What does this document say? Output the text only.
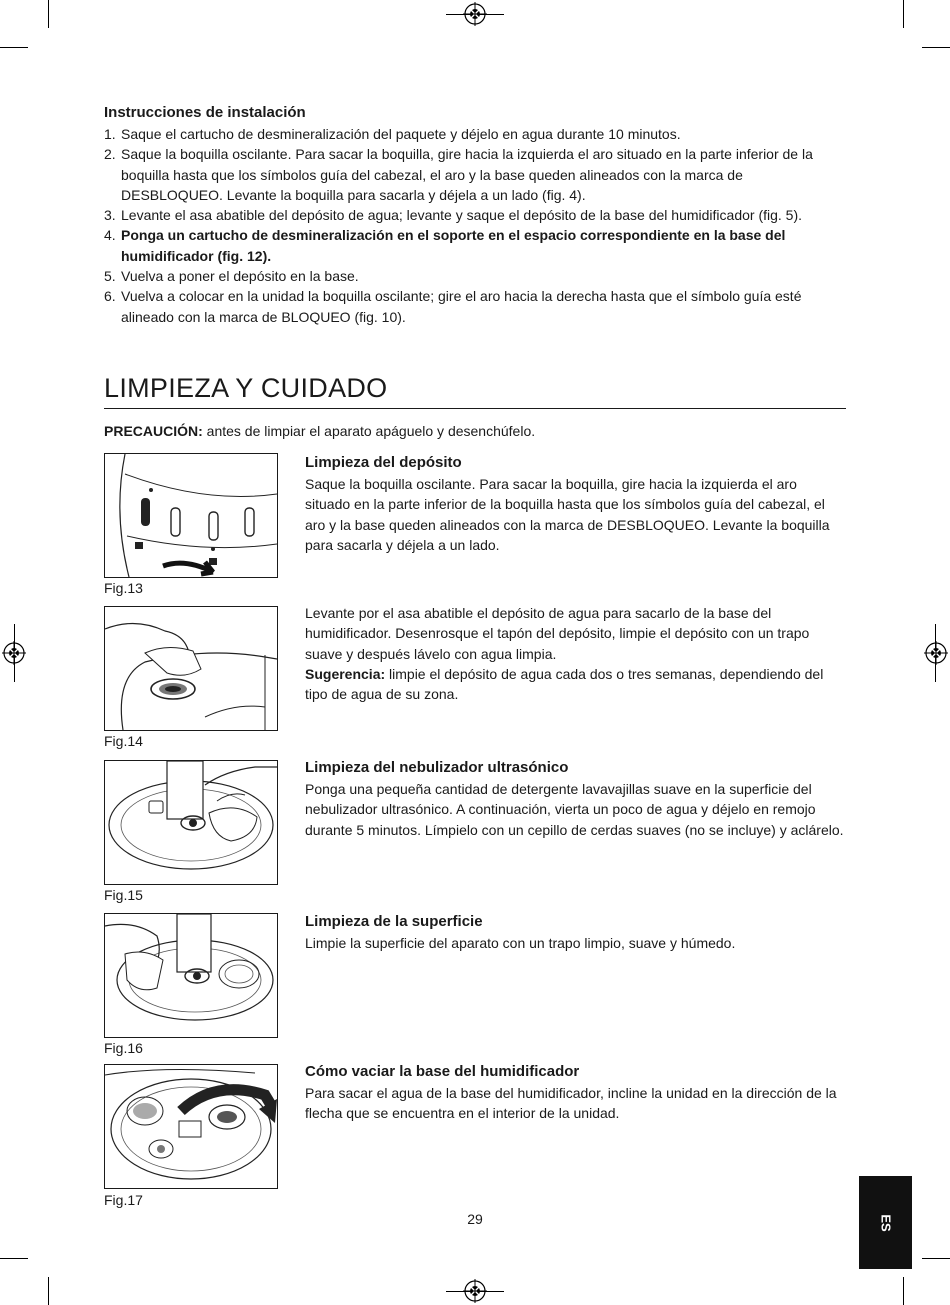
Instrucciones de instalación
1. Saque el cartucho de desmineralización del paquete y déjelo en agua durante 10 minutos.
2. Saque la boquilla oscilante. Para sacar la boquilla, gire hacia la izquierda el aro situado en la parte inferior de la boquilla hasta que los símbolos guía del cabezal, el aro y la base queden alineados con la marca de DESBLOQUEO. Levante la boquilla para sacarla y déjela a un lado (fig. 4).
3. Levante el asa abatible del depósito de agua; levante y saque el depósito de la base del humidificador (fig. 5).
4. Ponga un cartucho de desmineralización en el soporte en el espacio correspondiente en la base del humidificador (fig. 12).
5. Vuelva a poner el depósito en la base.
6. Vuelva a colocar en la unidad la boquilla oscilante; gire el aro hacia la derecha hasta que el símbolo guía esté alineado con la marca de BLOQUEO (fig. 10).
LIMPIEZA Y CUIDADO

PRECAUCIÓN: antes de limpiar el aparato apáguelo y desenchúfelo.

Fig.13
Fig.14
Fig.15
Fig.16
Fig.17
Limpieza del depósito

Saque la boquilla oscilante. Para sacar la boquilla, gire hacia la izquierda el aro situado en la parte inferior de la boquilla hasta que los símbolos guía del cabezal, el aro y la base queden alineados con la marca de DESBLOQUEO. Levante la boquilla para sacarla y déjela a un lado.

Levante por el asa abatible el depósito de agua para sacarlo de la base del humidificador. Desenrosque el tapón del depósito, limpie el depósito con un trapo suave y después lávelo con agua limpia.

Sugerencia: limpie el depósito de agua cada dos o tres semanas, dependiendo del tipo de agua de su zona.

Limpieza del nebulizador ultrasónico

Ponga una pequeña cantidad de detergente lavavajillas suave en la superficie del nebulizador ultrasónico. A continuación, vierta un poco de agua y déjelo en remojo durante 5 minutos. Límpielo con un cepillo de cerdas suaves (no se incluye) y aclárelo.

Limpieza de la superficie

Limpie la superficie del aparato con un trapo limpio, suave y húmedo.

Cómo vaciar la base del humidificador

Para sacar el agua de la base del humidificador, incline la unidad en la dirección de la flecha que se encuentra en el interior de la unidad.

29	ES
